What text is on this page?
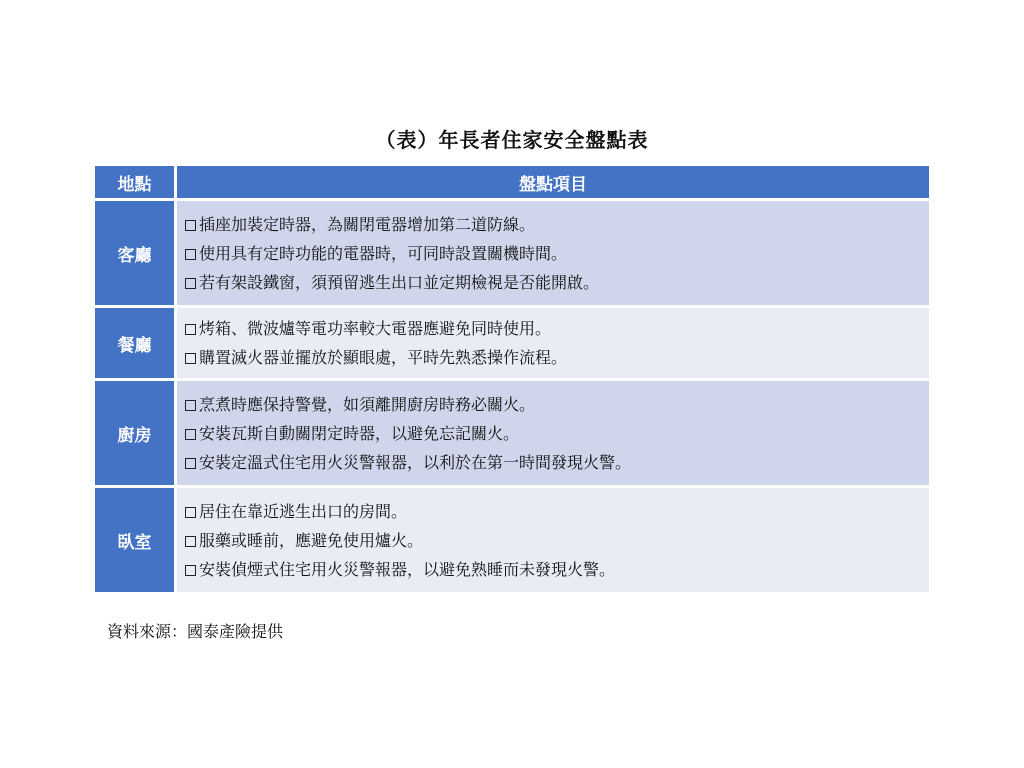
（表）年長者住家安全盤點表
地點	盤點項目
客廳	插座加裝定時器，為關閉電器增加第二道防線。
使用具有定時功能的電器時，可同時設置關機時間。
若有架設鐵窗，須預留逃生出口並定期檢視是否能開啟。

餐廳	烤箱、微波爐等電功率較大電器應避免同時使用。
購置滅火器並擺放於顯眼處，平時先熟悉操作流程。

廚房	烹煮時應保持警覺，如須離開廚房時務必關火。
安裝瓦斯自動關閉定時器，以避免忘記關火。
安裝定溫式住宅用火災警報器，以利於在第一時間發現火警。

臥室	居住在靠近逃生出口的房間。
服藥或睡前，應避免使用爐火。
安裝偵煙式住宅用火災警報器，以避免熟睡而未發現火警。
資料來源：國泰產險提供
